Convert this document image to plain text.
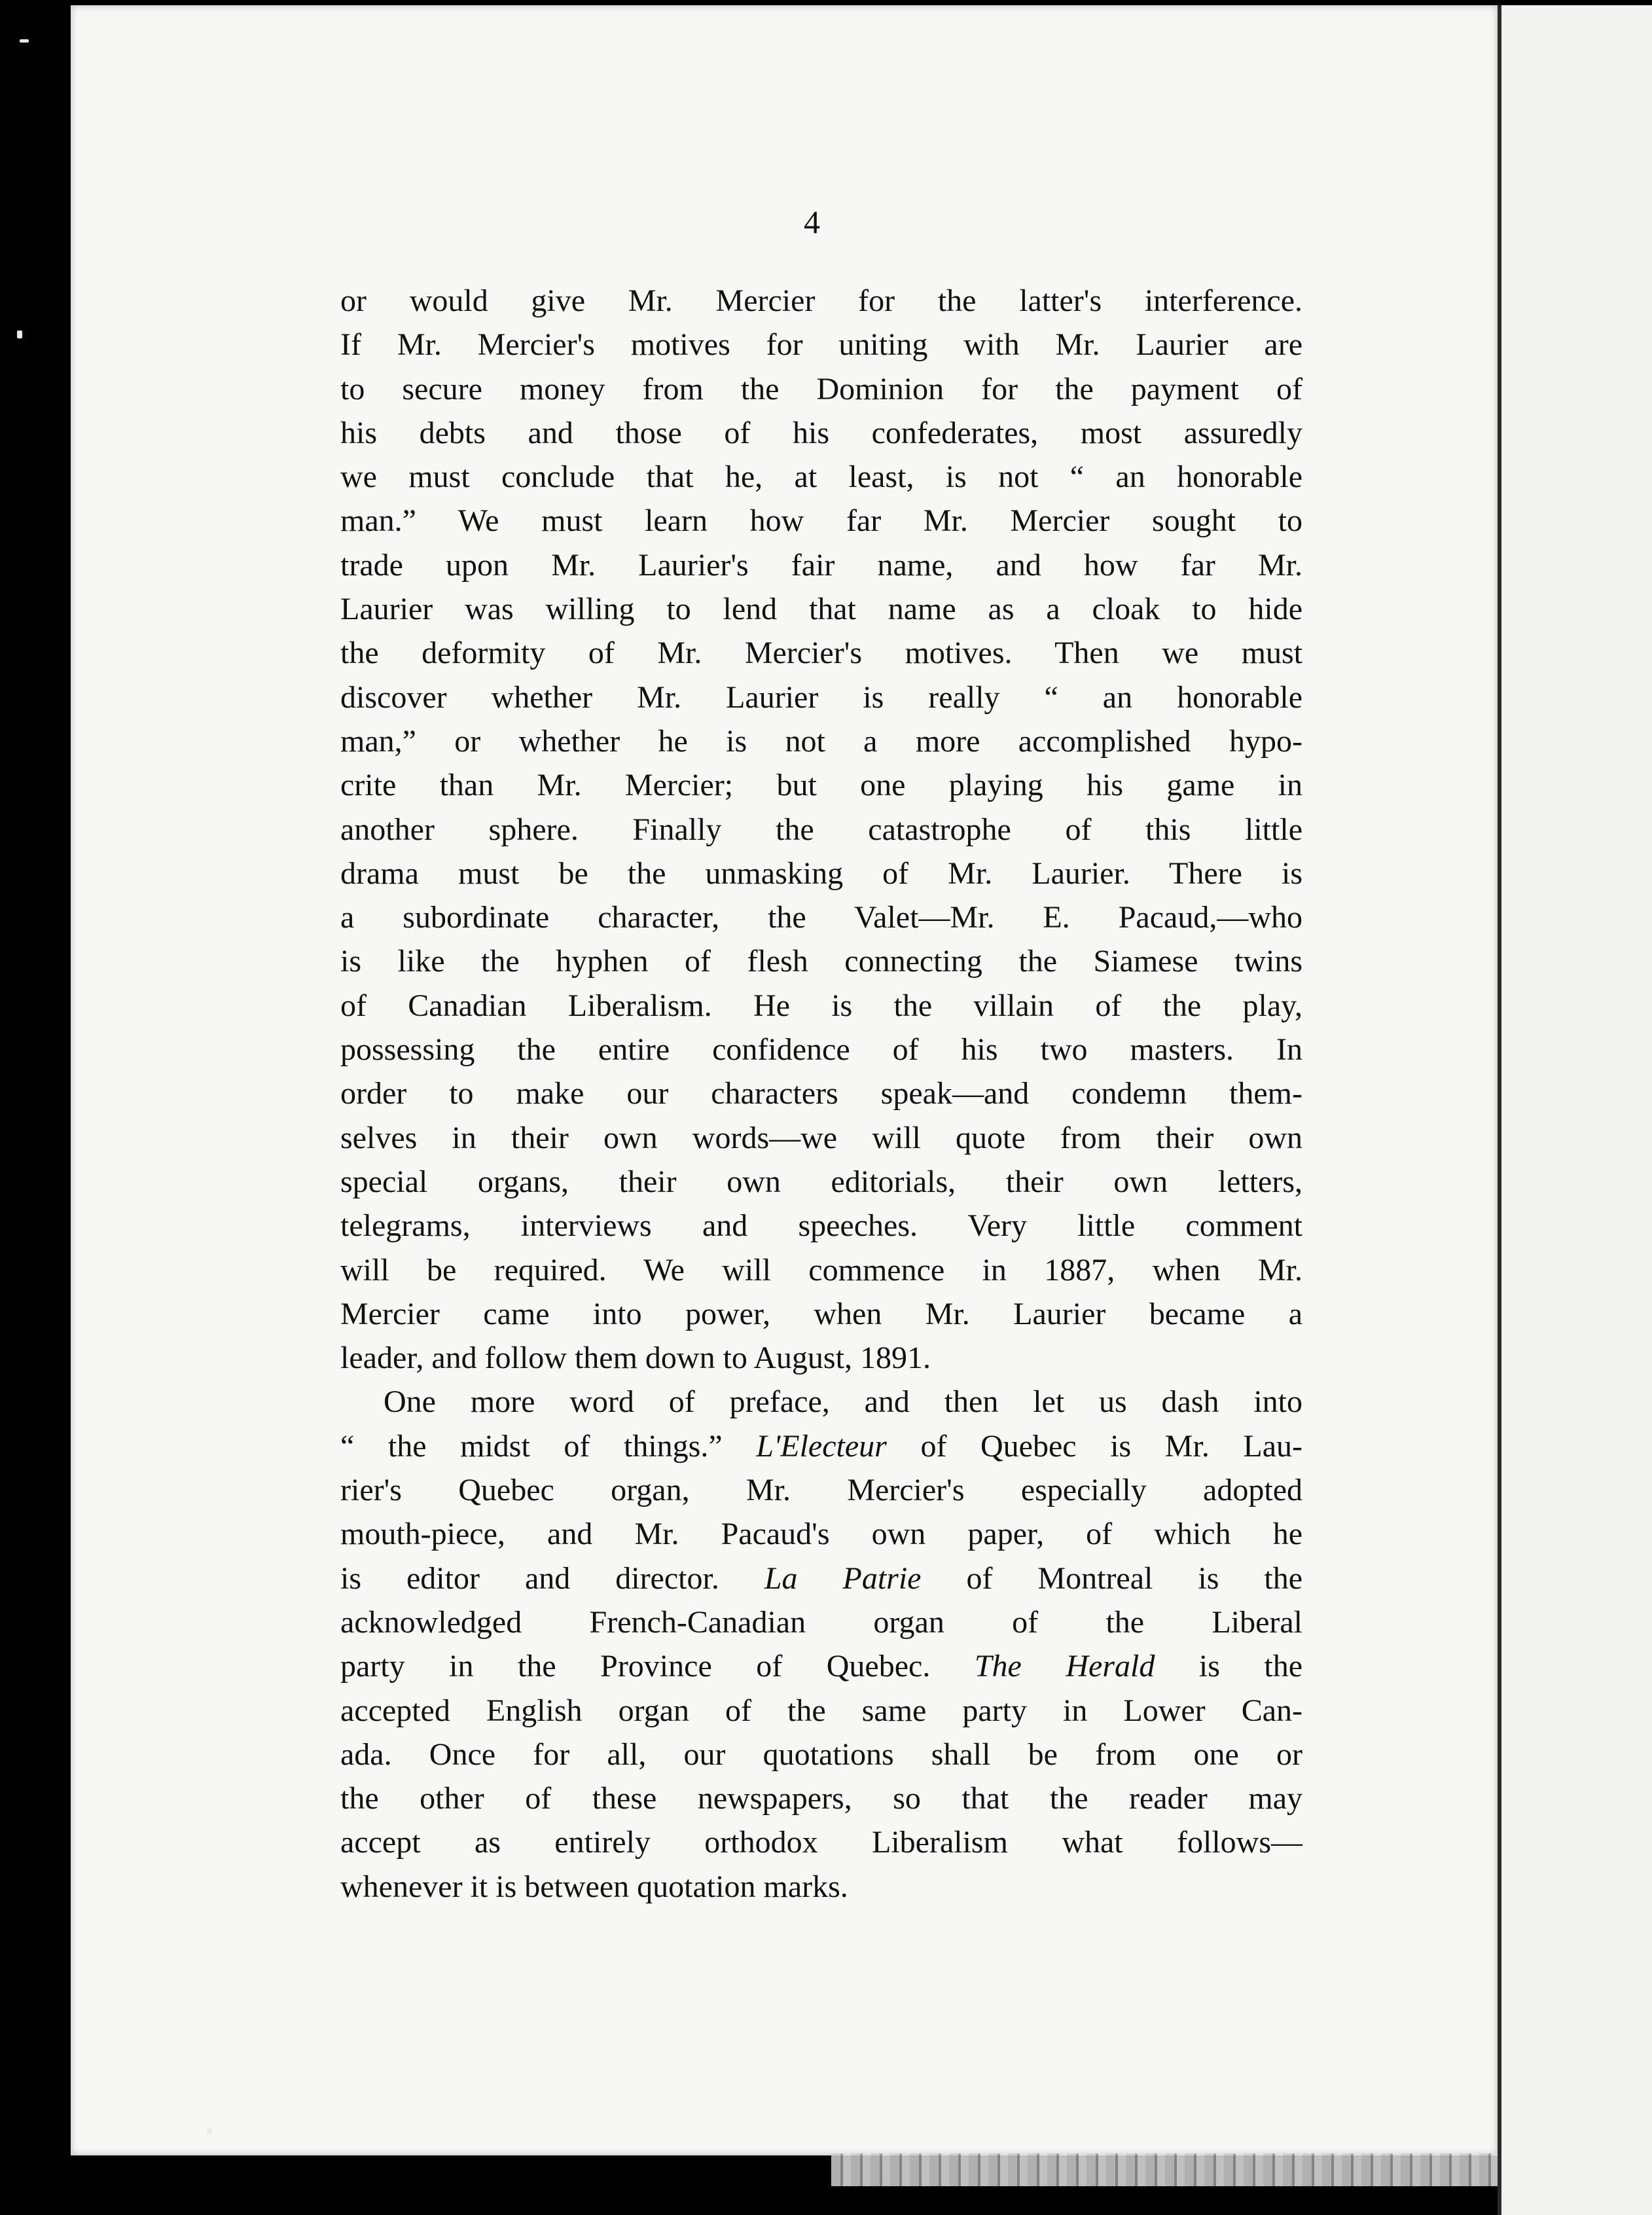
4
or would give Mr. Mercier for the latter's interference.
If Mr. Mercier's motives for uniting with Mr. Laurier are
to secure money from the Dominion for the payment of
his debts and those of his confederates, most assuredly
we must conclude that he, at least, is not “ an honorable
man.” We must learn how far Mr. Mercier sought to
trade upon Mr. Laurier's fair name, and how far Mr.
Laurier was willing to lend that name as a cloak to hide
the deformity of Mr. Mercier's motives. Then we must
discover whether Mr. Laurier is really “ an honorable
man,” or whether he is not a more accomplished hypo-
crite than Mr. Mercier; but one playing his game in
another sphere. Finally the catastrophe of this little
drama must be the unmasking of Mr. Laurier. There is
a subordinate character, the Valet—Mr. E. Pacaud,—who
is like the hyphen of flesh connecting the Siamese twins
of Canadian Liberalism. He is the villain of the play,
possessing the entire confidence of his two masters. In
order to make our characters speak—and condemn them-
selves in their own words—we will quote from their own
special organs, their own editorials, their own letters,
telegrams, interviews and speeches. Very little comment
will be required. We will commence in 1887, when Mr.
Mercier came into power, when Mr. Laurier became a
leader, and follow them down to August, 1891.
One more word of preface, and then let us dash into
“ the midst of things.” L'Electeur of Quebec is Mr. Lau-
rier's Quebec organ, Mr. Mercier's especially adopted
mouth-piece, and Mr. Pacaud's own paper, of which he
is editor and director. La Patrie of Montreal is the
acknowledged French-Canadian organ of the Liberal
party in the Province of Quebec. The Herald is the
accepted English organ of the same party in Lower Can-
ada. Once for all, our quotations shall be from one or
the other of these newspapers, so that the reader may
accept as entirely orthodox Liberalism what follows—
whenever it is between quotation marks.
